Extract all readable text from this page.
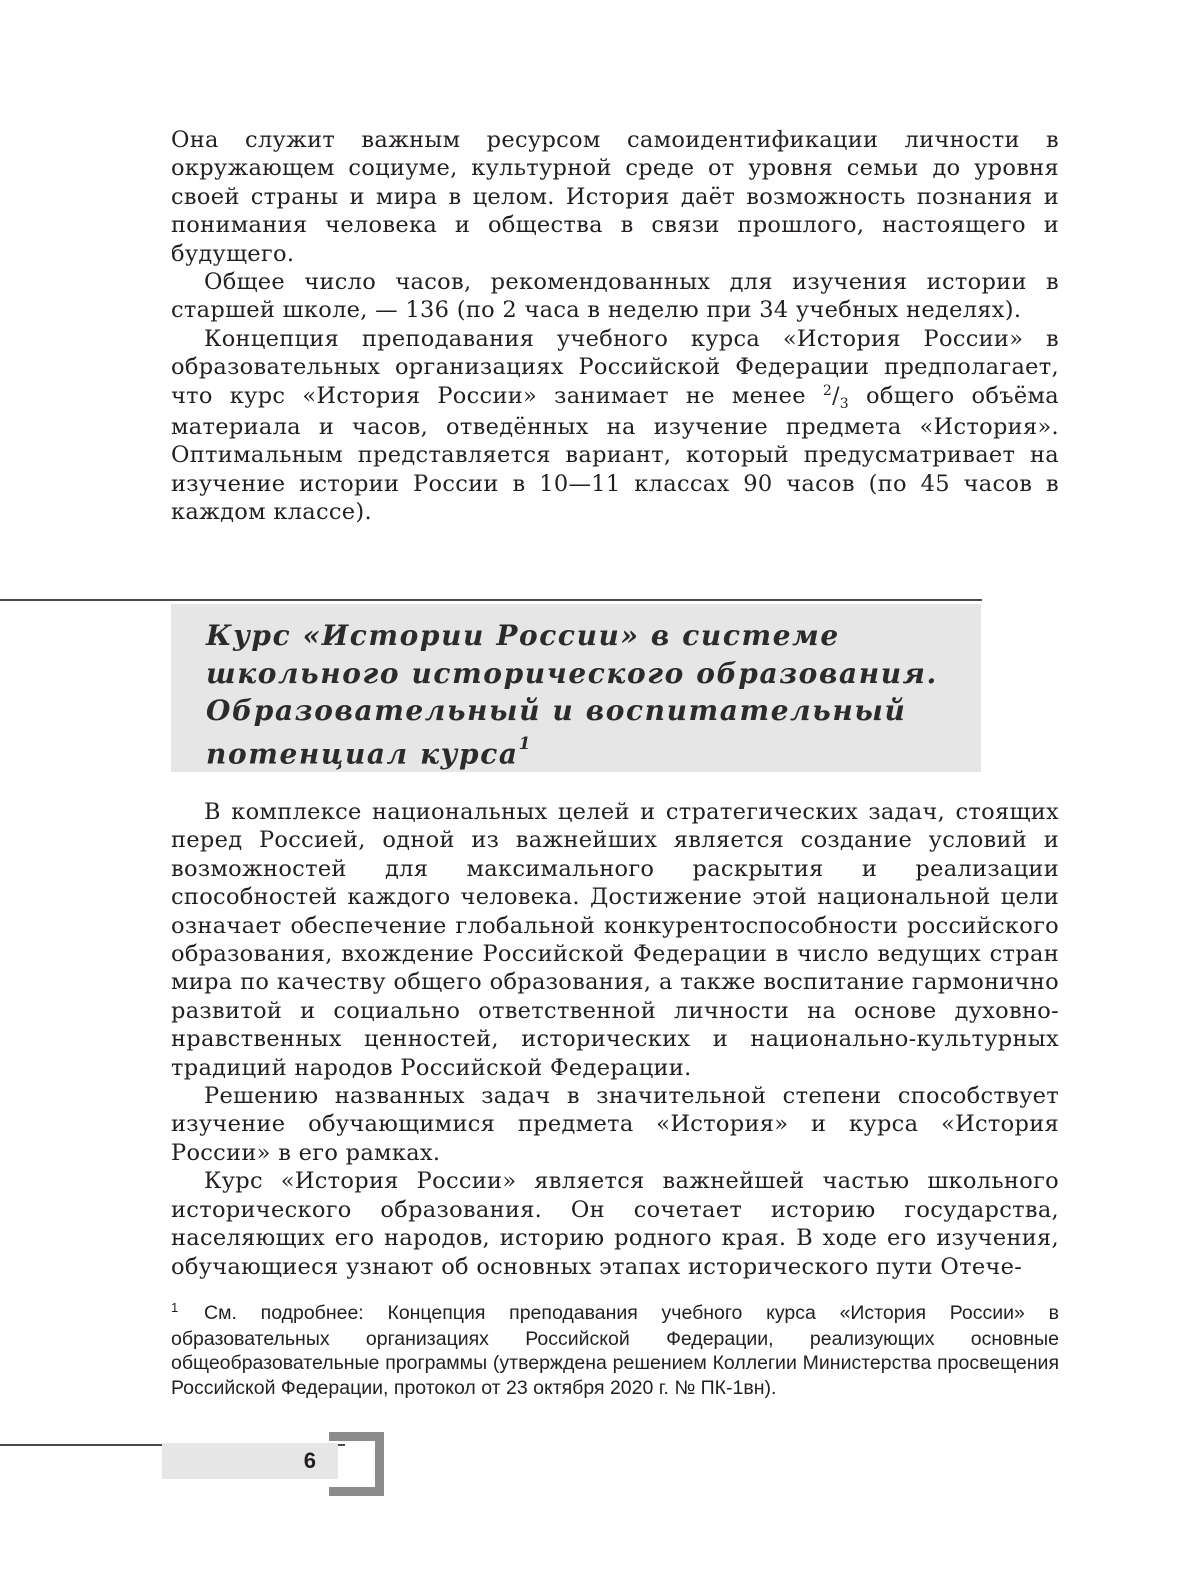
Она служит важным ресурсом самоидентификации личности в окружающем социуме, культурной среде от уровня семьи до уровня своей страны и мира в целом. История даёт возможность познания и понимания человека и общества в связи прошлого, настоящего и будущего.

Общее число часов, рекомендованных для изучения истории в старшей школе, — 136 (по 2 часа в неделю при 34 учебных неделях).

Концепция преподавания учебного курса «История России» в образовательных организациях Российской Федерации предполагает, что курс «История России» занимает не менее $^2/_3$ общего объёма материала и часов, отведённых на изучение предмета «История». Оптимальным представляется вариант, который предусматривает на изучение истории России в 10—11 классах 90 часов (по 45 часов в каждом классе).

Курс «Истории России» в системе школьного исторического образования. Образовательный и воспитательный потенциал курса$^1$

В комплексе национальных целей и стратегических задач, стоящих перед Россией, одной из важнейших является создание условий и возможностей для максимального раскрытия и реализации способностей каждого человека. Достижение этой национальной цели означает обеспечение глобальной конкурентоспособности российского образования, вхождение Российской Федерации в число ведущих стран мира по качеству общего образования, а также воспитание гармонично развитой и социально ответственной личности на основе духовно- нравственных ценностей, исторических и национально-культурных традиций народов Российской Федерации.

Решению названных задач в значительной степени способствует изучение обучающимися предмета «История» и курса «История России» в его рамках.

Курс «История России» является важнейшей частью школьного исторического образования. Он сочетает историю государства, населяющих его народов, историю родного края. В ходе его изучения, обучающиеся узнают об основных этапах исторического пути Отече-

1 См. подробнее: Концепция преподавания учебного курса «История России» в образовательных организациях Российской Федерации, реализующих основные общеобразовательные программы (утверждена решением Коллегии Министерства просвещения Российской Федерации, протокол от 23 октября 2020 г. № ПК-1вн).
6
